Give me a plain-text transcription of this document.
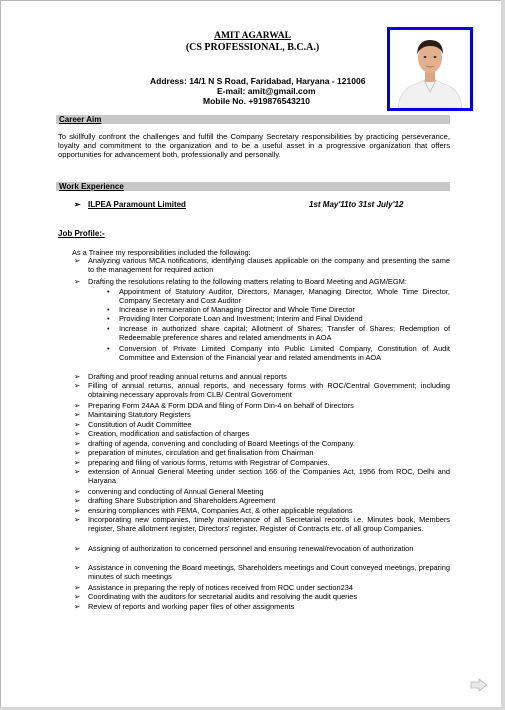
AMIT AGARWAL
(CS PROFESSIONAL, B.C.A.)
Address: 14/1 N S Road, Faridabad, Haryana - 121006
E-mail: amit@gmail.com
Mobile No. +919876543210
Career Aim
To skillfully confront the challenges and fulfill the Company Secretary responsibilities by practicing perseverance, loyalty and commitment to the organization and to be a useful asset in a progressive organization that offers opportunities for advancement both, professionally and personally.
Work Experience
➢ ILPEA Paramount Limited	1st May'11to 31st July'12
Job Profile:-
As a Trainee my responsibilities included the following:
➢ Analyzing various MCA notifications, identifying clauses applicable on the company and presenting the same to the management for required action
➢ Drafting the resolutions relating to the following matters relating to Board Meeting and AGM/EGM:
• Appointment of Statutory Auditor, Directors, Manager, Managing Director, Whole Time Director, Company Secretary and Cost Auditor
• Increase in remuneration of Managing Director and Whole Time Director
• Providing Inter Corporate Loan and Investment; Interim and Final Dividend
• Increase in authorized share capital; Allotment of Shares; Transfer of Shares; Redemption of Redeemable preference shares and related amendments in AOA
• Conversion of Private Limited Company into Public Limited Company, Constitution of Audit Committee and Extension of the Financial year and related amendments in AOA
➢ Drafting and proof reading annual returns and annual reports
➢ Filling of annual returns, annual reports, and necessary forms with ROC/Central Government; including obtaining necessary approvals from CLB/ Central Government
➢ Preparing Form 24AA & Form DDA and filing of Form Din-4 on behalf of Directors
➢ Maintaining Statutory Registers
➢ Constitution of Audit Committee
➢ Creation, modification and satisfaction of charges
➢ drafting of agenda, convening and concluding of Board Meetings of the Company.
➢ preparation of minutes, circulation and get finalisation from Chairman
➢ preparing and filing of various forms, returns with Registrar of Companies.
➢ extension of Annual General Meeting under section 166 of the Companies Act, 1956 from ROC, Delhi and Haryana
➢ convening and conducting of Annual General Meeting
➢ drafting Share Subscription and Shareholders Agreement
➢ ensuring compliances with FEMA, Companies Act, & other applicable regulations
➢ Incorporating new companies, timely maintenance of all Secretarial records i.e. Minutes book, Members register, Share allotment register, Directors' register, Register of Contracts etc. of all group Companies.
➢ Assigning of authorization to concerned personnel and ensuring renewal/revocation of authorization
➢ Assistance in convening the Board meetings, Shareholders meetings and Court conveyed meetings, preparing minutes of such meetings
➢ Assistance in preparing the reply of notices received from ROC under section234
➢ Coordinating with the auditors for secretarial audits and resolving the audit queries
➢ Review of reports and working paper files of other assignments
